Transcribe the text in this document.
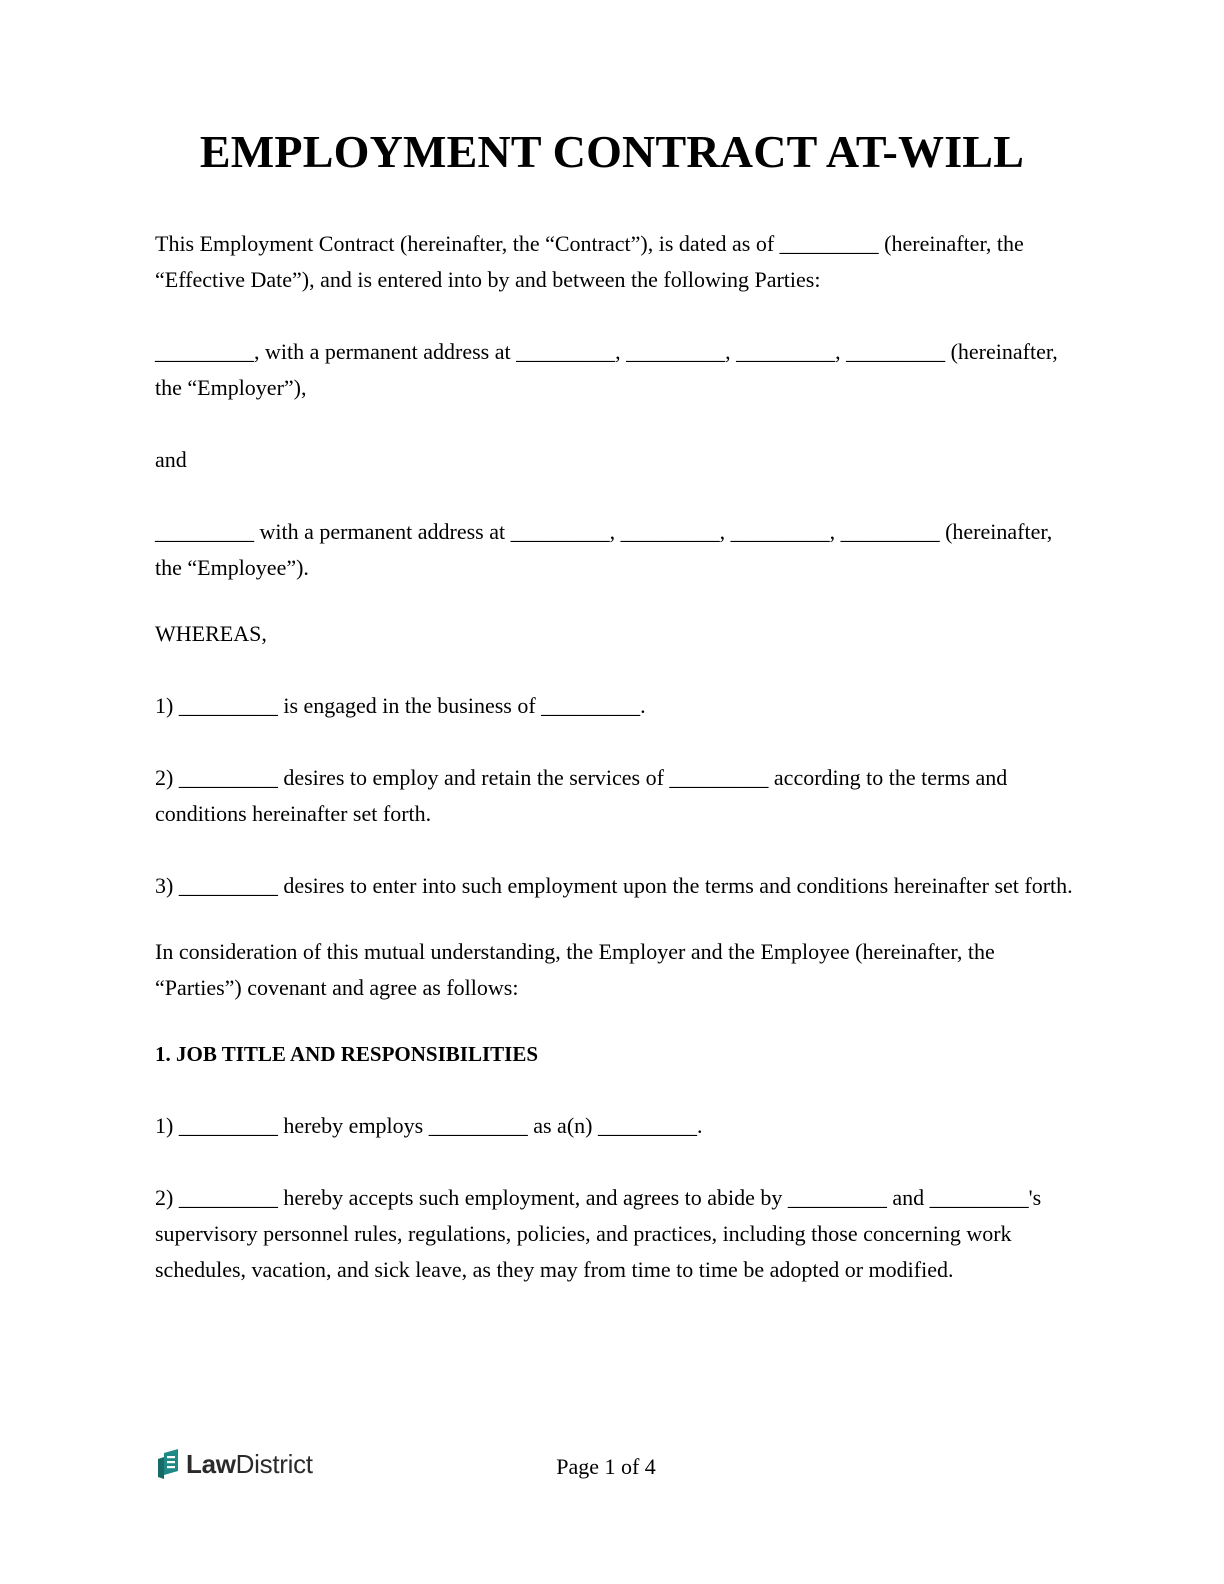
EMPLOYMENT CONTRACT AT-WILL

This Employment Contract (hereinafter, the “Contract”), is dated as of _________ (hereinafter, the “Effective Date”), and is entered into by and between the following Parties:

_________, with a permanent address at _________, _________, _________, _________ (hereinafter, the “Employer”),

and

_________ with a permanent address at _________, _________, _________, _________ (hereinafter, the “Employee”).

WHEREAS,

1) _________ is engaged in the business of _________.

2) _________ desires to employ and retain the services of _________ according to the terms and conditions hereinafter set forth.

3) _________ desires to enter into such employment upon the terms and conditions hereinafter set forth.

In consideration of this mutual understanding, the Employer and the Employee (hereinafter, the “Parties”) covenant and agree as follows:

1. JOB TITLE AND RESPONSIBILITIES

1) _________ hereby employs _________ as a(n) _________.

2) _________ hereby accepts such employment, and agrees to abide by _________ and _________'s supervisory personnel rules, regulations, policies, and practices, including those concerning work schedules, vacation, and sick leave, as they may from time to time be adopted or modified.

LawDistrict	Page 1 of 4
